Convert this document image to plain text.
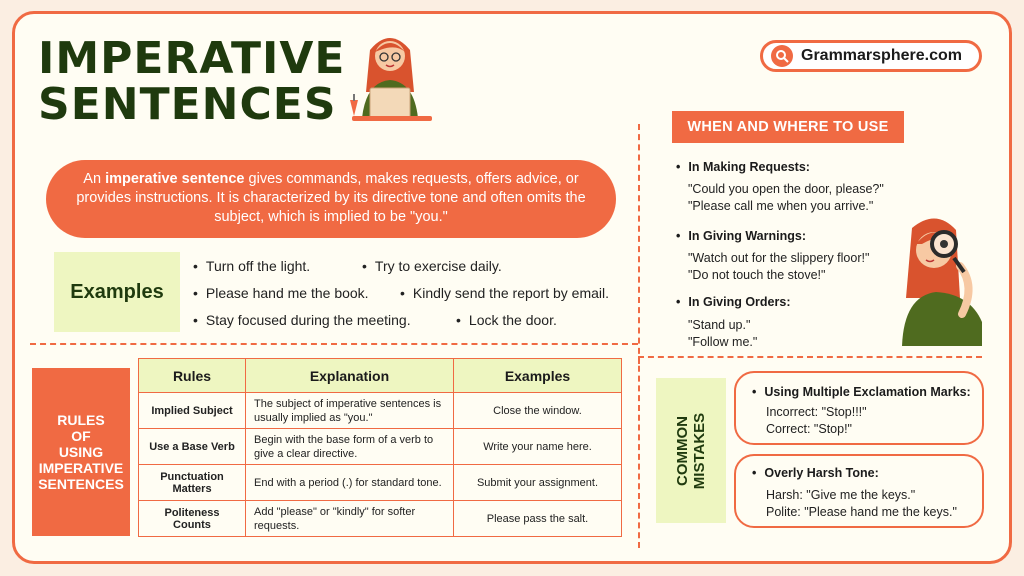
IMPERATIVE
SENTENCES
Grammarsphere.com
An imperative sentence gives commands, makes requests, offers advice, or provides instructions. It is characterized by its directive tone and often omits the subject, which is implied to be "you."
Examples
• Turn off the light.	• Try to exercise daily.
• Please hand me the book.	• Kindly send the report by email.
• Stay focused during the meeting.	• Lock the door.
RULES
OF
USING
IMPERATIVE
SENTENCES
Rules	Explanation	Examples
Implied Subject	The subject of imperative sentences is usually implied as "you."	Close the window.
Use a Base Verb	Begin with the base form of a verb to give a clear directive.	Write your name here.
Punctuation Matters	End with a period (.) for standard tone.	Submit your assignment.
Politeness Counts	Add "please" or "kindly" for softer requests.	Please pass the salt.
WHEN AND WHERE TO USE
• In Making Requests:
"Could you open the door, please?"
"Please call me when you arrive."
• In Giving Warnings:
"Watch out for the slippery floor!"
"Do not touch the stove!"
• In Giving Orders:
"Stand up."
"Follow me."
COMMON MISTAKES
• Using Multiple Exclamation Marks:
Incorrect: "Stop!!!"
Correct: "Stop!"
• Overly Harsh Tone:
Harsh: "Give me the keys."
Polite: "Please hand me the keys."
